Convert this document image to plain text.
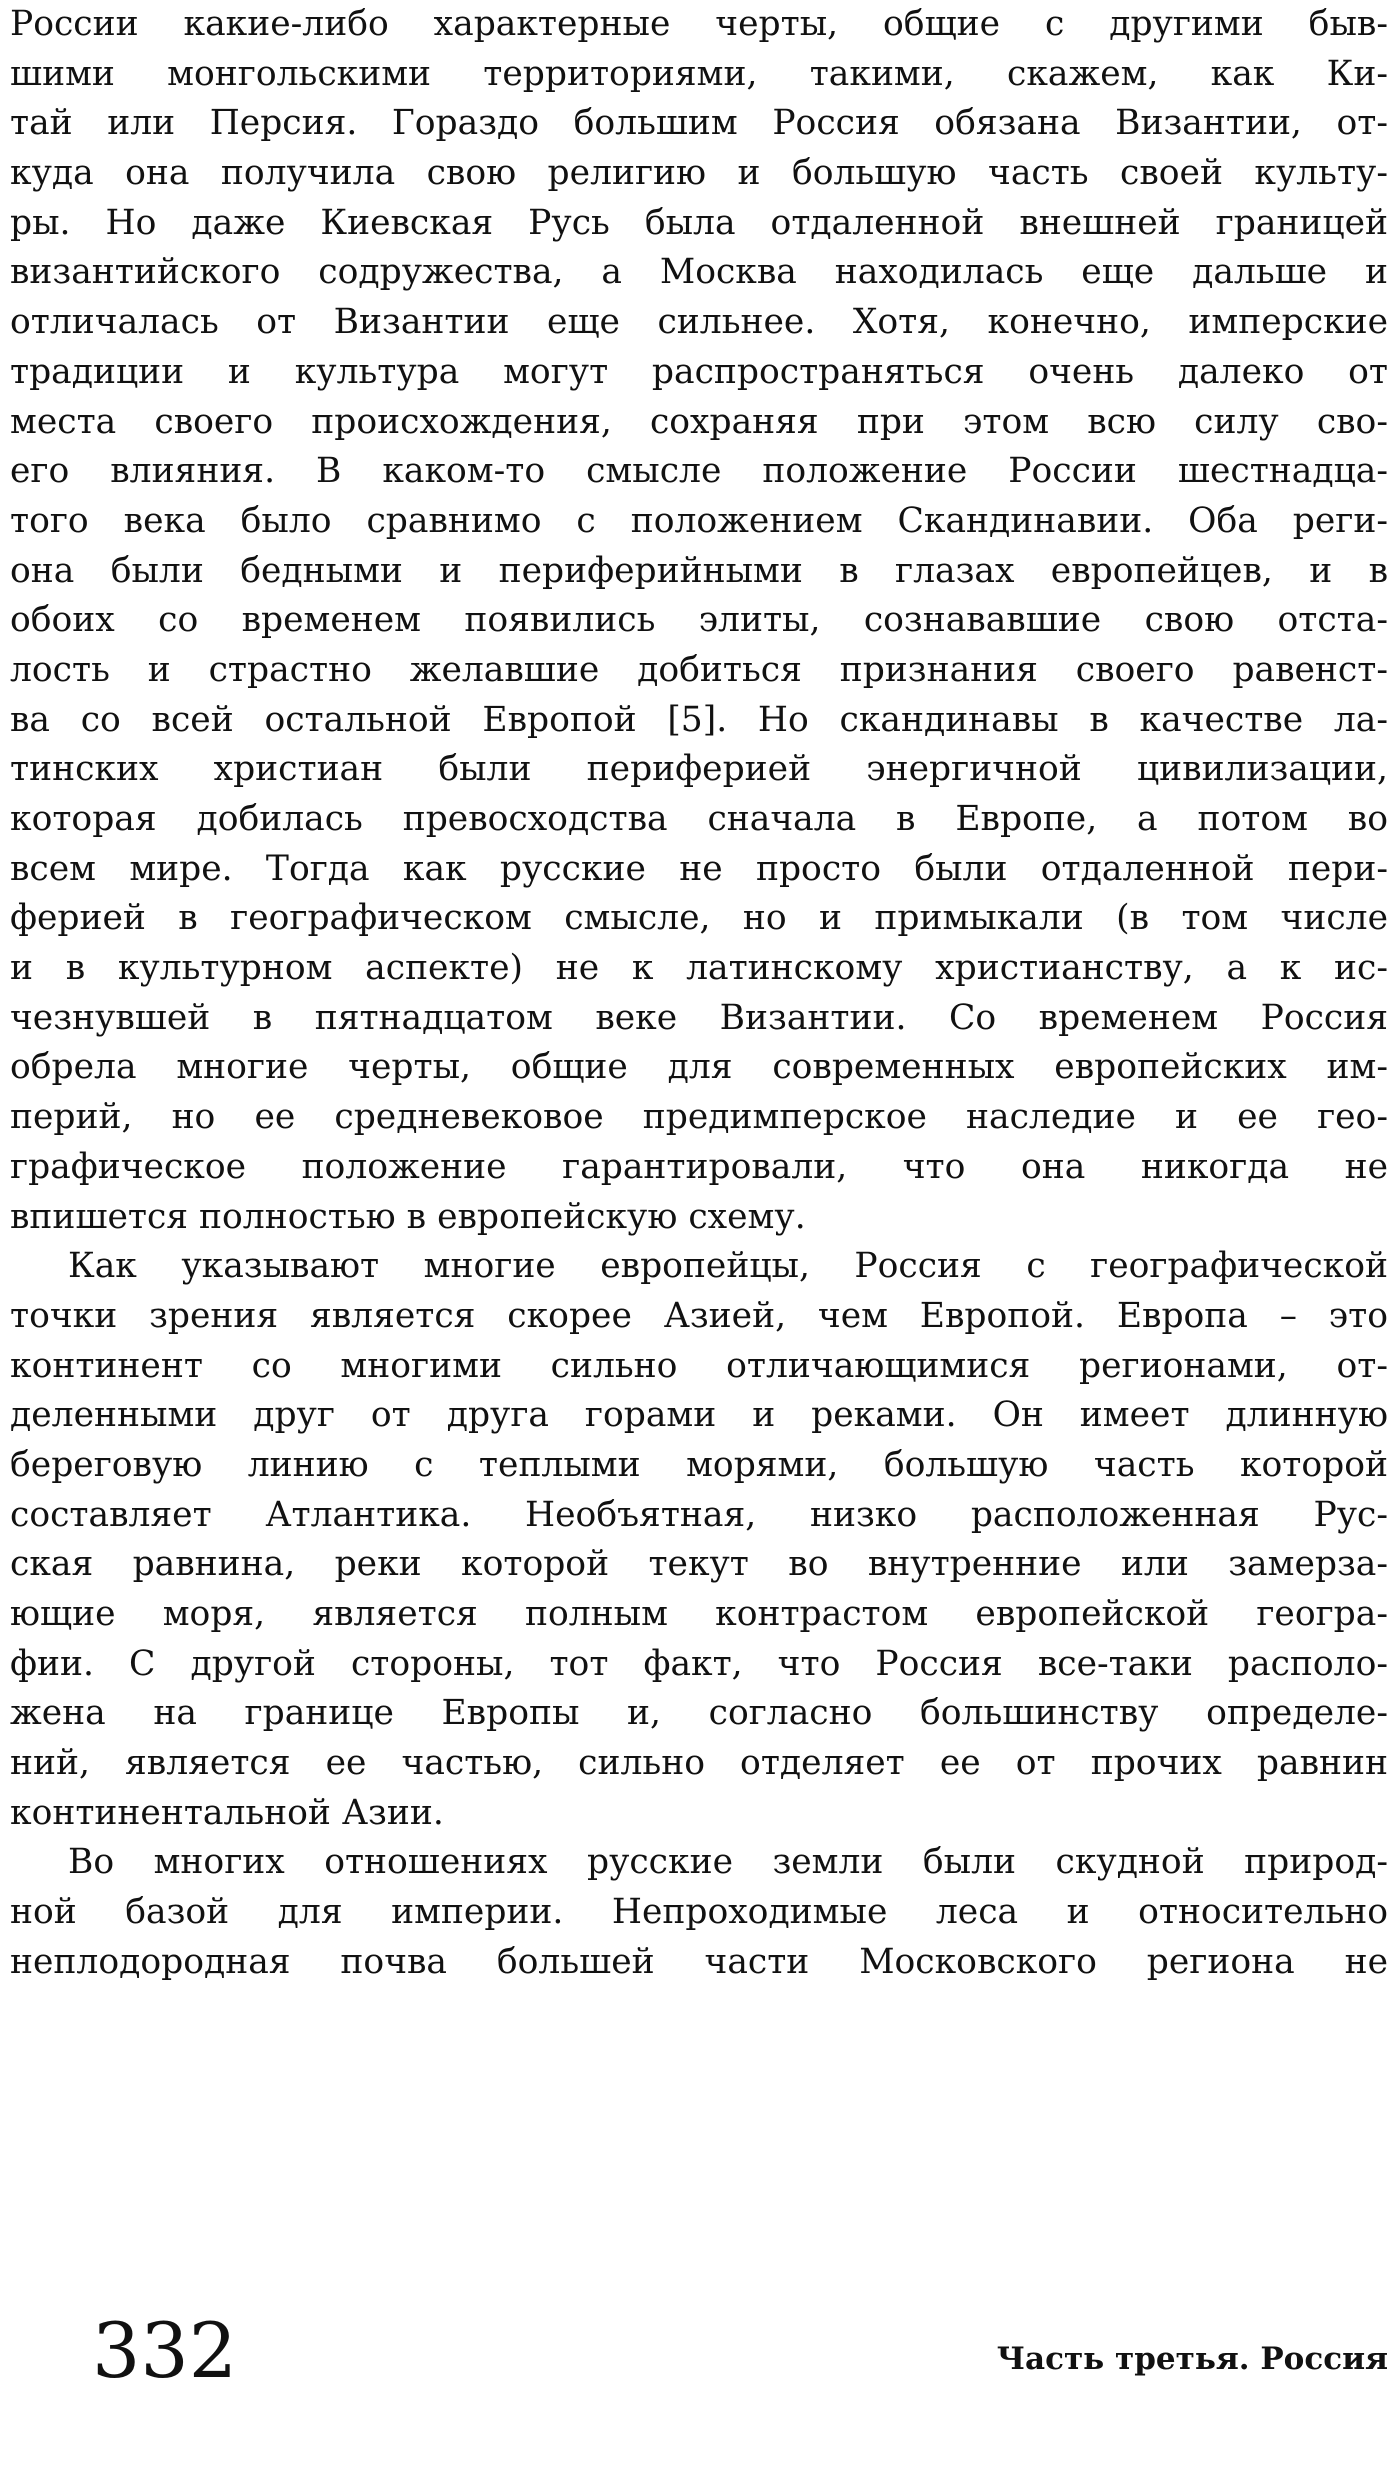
России какие-либо характерные черты, общие с другими быв-
шими монгольскими территориями, такими, скажем, как Ки-
тай или Персия. Гораздо большим Россия обязана Византии, от-
куда она получила свою религию и большую часть своей культу-
ры. Но даже Киевская Русь была отдаленной внешней границей
византийского содружества, а Москва находилась еще дальше и
отличалась от Византии еще сильнее. Хотя, конечно, имперские
традиции и культура могут распространяться очень далеко от
места своего происхождения, сохраняя при этом всю силу сво-
его влияния. В каком-то смысле положение России шестнадца-
того века было сравнимо с положением Скандинавии. Оба реги-
она были бедными и периферийными в глазах европейцев, и в
обоих со временем появились элиты, сознававшие свою отста-
лость и страстно желавшие добиться признания своего равенст-
ва со всей остальной Европой [5]. Но скандинавы в качестве ла-
тинских христиан были периферией энергичной цивилизации,
которая добилась превосходства сначала в Европе, а потом во
всем мире. Тогда как русские не просто были отдаленной пери-
ферией в географическом смысле, но и примыкали (в том числе
и в культурном аспекте) не к латинскому христианству, а к ис-
чезнувшей в пятнадцатом веке Византии. Со временем Россия
обрела многие черты, общие для современных европейских им-
перий, но ее средневековое предимперское наследие и ее гео-
графическое положение гарантировали, что она никогда не
впишется полностью в европейскую схему.
Как указывают многие европейцы, Россия с географической
точки зрения является скорее Азией, чем Европой. Европа – это
континент со многими сильно отличающимися регионами, от-
деленными друг от друга горами и реками. Он имеет длинную
береговую линию с теплыми морями, большую часть которой
составляет Атлантика. Необъятная, низко расположенная Рус-
ская равнина, реки которой текут во внутренние или замерза-
ющие моря, является полным контрастом европейской геогра-
фии. С другой стороны, тот факт, что Россия все-таки располо-
жена на границе Европы и, согласно большинству определе-
ний, является ее частью, сильно отделяет ее от прочих равнин
континентальной Азии.
Во многих отношениях русские земли были скудной природ-
ной базой для империи. Непроходимые леса и относительно
неплодородная почва большей части Московского региона не
332	Часть третья. Россия
